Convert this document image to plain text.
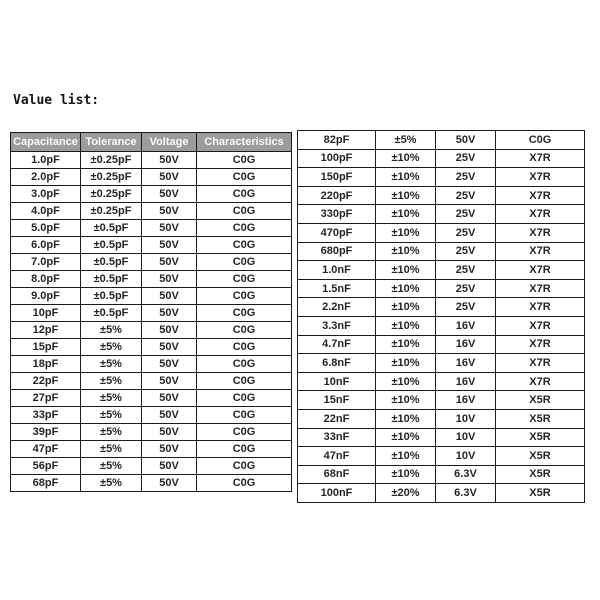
Value list:
Capacitance	Tolerance	Voltage	Characteristics
1.0pF	±0.25pF	50V	C0G
2.0pF	±0.25pF	50V	C0G
3.0pF	±0.25pF	50V	C0G
4.0pF	±0.25pF	50V	C0G
5.0pF	±0.5pF	50V	C0G
6.0pF	±0.5pF	50V	C0G
7.0pF	±0.5pF	50V	C0G
8.0pF	±0.5pF	50V	C0G
9.0pF	±0.5pF	50V	C0G
10pF	±0.5pF	50V	C0G
12pF	±5%	50V	C0G
15pF	±5%	50V	C0G
18pF	±5%	50V	C0G
22pF	±5%	50V	C0G
27pF	±5%	50V	C0G
33pF	±5%	50V	C0G
39pF	±5%	50V	C0G
47pF	±5%	50V	C0G
56pF	±5%	50V	C0G
68pF	±5%	50V	C0G
82pF	±5%	50V	C0G
100pF	±10%	25V	X7R
150pF	±10%	25V	X7R
220pF	±10%	25V	X7R
330pF	±10%	25V	X7R
470pF	±10%	25V	X7R
680pF	±10%	25V	X7R
1.0nF	±10%	25V	X7R
1.5nF	±10%	25V	X7R
2.2nF	±10%	25V	X7R
3.3nF	±10%	16V	X7R
4.7nF	±10%	16V	X7R
6.8nF	±10%	16V	X7R
10nF	±10%	16V	X7R
15nF	±10%	16V	X5R
22nF	±10%	10V	X5R
33nF	±10%	10V	X5R
47nF	±10%	10V	X5R
68nF	±10%	6.3V	X5R
100nF	±20%	6.3V	X5R
